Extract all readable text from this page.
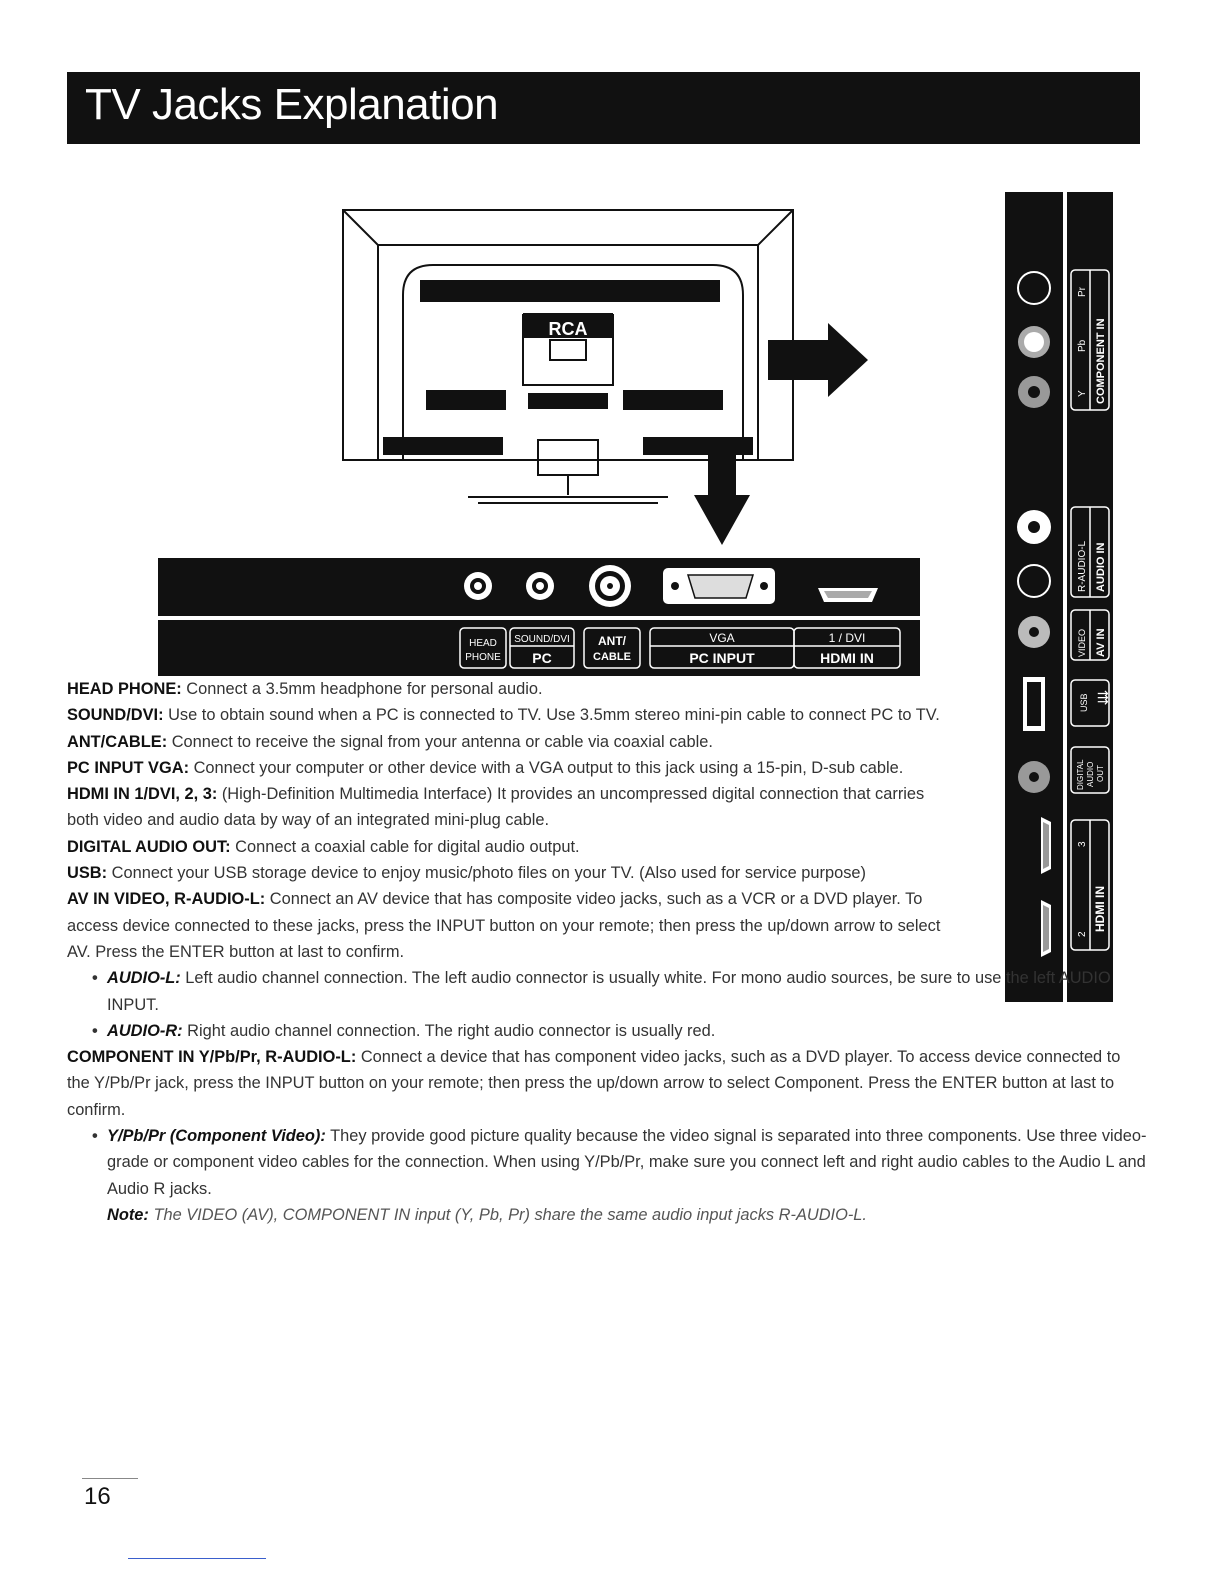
TV Jacks Explanation
RCA
HEAD
PHONE
SOUND/DVI
PC
ANT/
CABLE
VGA
PC INPUT
1 / DVI
HDMI IN
Y
Pb
Pr
COMPONENT IN
R-AUDIO-L AUDIO IN
VIDEO AV IN
USB ⇶
DIGITAL AUDIO OUT
2
3
HDMI IN

HEAD PHONE: Connect a 3.5mm headphone for personal audio.

SOUND/DVI: Use to obtain sound when a PC is connected to TV. Use 3.5mm stereo mini-pin cable to connect PC to TV.

ANT/CABLE: Connect to receive the signal from your antenna or cable via coaxial cable.

PC INPUT VGA: Connect your computer or other device with a VGA output to this jack using a 15-pin, D-sub cable.

HDMI IN 1/DVI, 2, 3: (High-Definition Multimedia Interface) It provides an uncompressed digital connection that carries both video and audio data by way of an integrated mini-plug cable.

DIGITAL AUDIO OUT: Connect a coaxial cable for digital audio output.

USB: Connect your USB storage device to enjoy music/photo files on your TV. (Also used for service purpose)

AV IN VIDEO, R-AUDIO-L: Connect an AV device that has composite video jacks, such as a VCR or a DVD player. To access device connected to these jacks, press the INPUT button on your remote; then press the up/down arrow to select AV. Press the ENTER button at last to confirm.

• AUDIO-L: Left audio channel connection. The left audio connector is usually white. For mono audio sources, be sure to use the left AUDIO INPUT.

• AUDIO-R: Right audio channel connection. The right audio connector is usually red.

COMPONENT IN Y/Pb/Pr, R-AUDIO-L: Connect a device that has component video jacks, such as a DVD player. To access device connected to the Y/Pb/Pr jack, press the INPUT button on your remote; then press the up/down arrow to select Component. Press the ENTER button at last to confirm.

• Y/Pb/Pr (Component Video): They provide good picture quality because the video signal is separated into three components. Use three video-grade or component video cables for the connection. When using Y/Pb/Pr, make sure you connect left and right audio cables to the Audio L and Audio R jacks.

Note: The VIDEO (AV), COMPONENT IN input (Y, Pb, Pr) share the same audio input jacks R-AUDIO-L.

16
